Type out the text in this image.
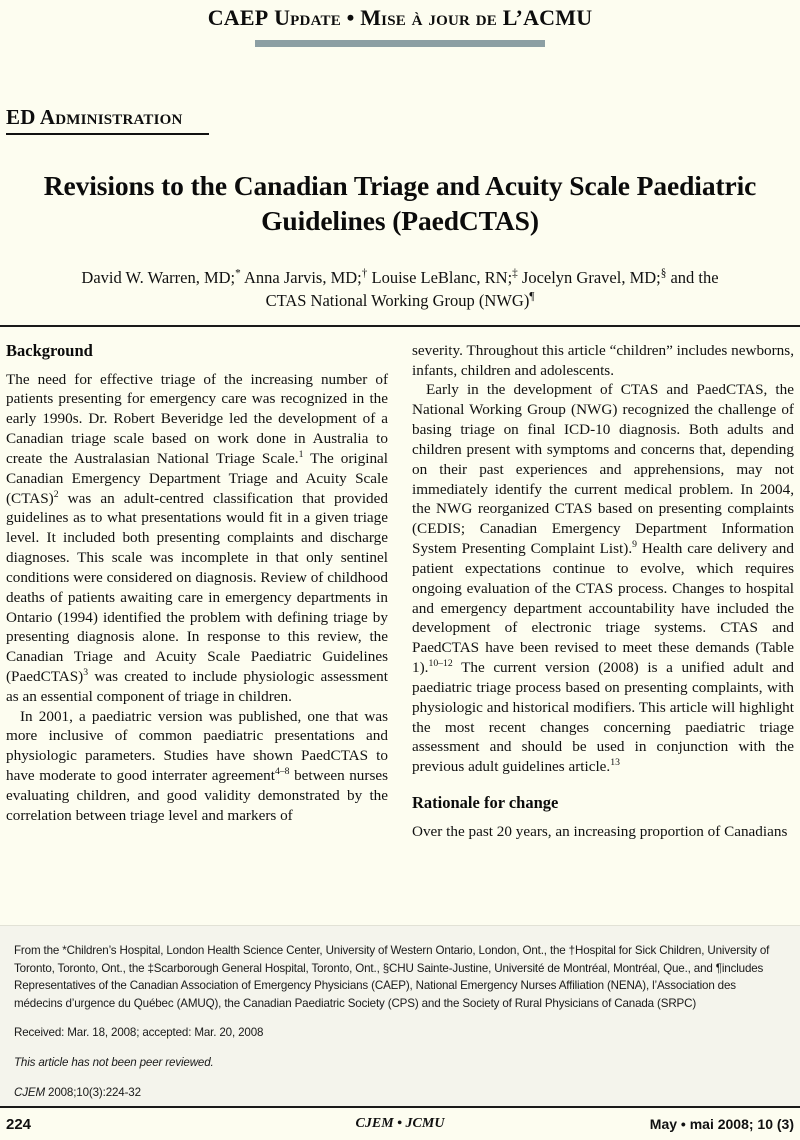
CAEP Update • Mise à jour de L’ACMU
ED Administration
Revisions to the Canadian Triage and Acuity Scale Paediatric Guidelines (PaedCTAS)
David W. Warren, MD;* Anna Jarvis, MD;† Louise LeBlanc, RN;‡ Jocelyn Gravel, MD;§ and the
CTAS National Working Group (NWG)¶
Background

The need for effective triage of the increasing number of patients presenting for emergency care was recognized in the early 1990s. Dr. Robert Beveridge led the development of a Canadian triage scale based on work done in Australia to create the Australasian National Triage Scale.$^1$ The original Canadian Emergency Department Triage and Acuity Scale (CTAS)$^2$ was an adult-centred classification that provided guidelines as to what presentations would fit in a given triage level. It included both presenting complaints and discharge diagnoses. This scale was incomplete in that only sentinel conditions were considered on diagnosis. Review of childhood deaths of patients awaiting care in emergency departments in Ontario (1994) identified the problem with defining triage by presenting diagnosis alone. In response to this review, the Canadian Triage and Acuity Scale Paediatric Guidelines (PaedCTAS)$^3$ was created to include physiologic assessment as an essential component of triage in children.

In 2001, a paediatric version was published, one that was more inclusive of common paediatric presentations and physiologic parameters. Studies have shown PaedCTAS to have moderate to good interrater agreement$^{4-8}$ between nurses evaluating children, and good validity demonstrated by the correlation between triage level and markers of

severity. Throughout this article “children” includes newborns, infants, children and adolescents.

Early in the development of CTAS and PaedCTAS, the National Working Group (NWG) recognized the challenge of basing triage on final ICD-10 diagnosis. Both adults and children present with symptoms and concerns that, depending on their past experiences and apprehensions, may not immediately identify the current medical problem. In 2004, the NWG reorganized CTAS based on presenting complaints (CEDIS; Canadian Emergency Department Information System Presenting Complaint List).$^9$ Health care delivery and patient expectations continue to evolve, which requires ongoing evaluation of the CTAS process. Changes to hospital and emergency department accountability have included the development of electronic triage systems. CTAS and PaedCTAS have been revised to meet these demands (Table 1).$^{10-12}$ The current version (2008) is a unified adult and paediatric triage process based on presenting complaints, with physiologic and historical modifiers. This article will highlight the most recent changes concerning paediatric triage assessment and should be used in conjunction with the previous adult guidelines article.$^{13}$

Rationale for change

Over the past 20 years, an increasing proportion of Canadians

From the *Children’s Hospital, London Health Science Center, University of Western Ontario, London, Ont., the †Hospital for Sick Children, University of Toronto, Toronto, Ont., the ‡Scarborough General Hospital, Toronto, Ont., §CHU Sainte-Justine, Université de Montréal, Montréal, Que., and ¶includes Representatives of the Canadian Association of Emergency Physicians (CAEP), National Emergency Nurses Affiliation (NENA), l’Association des médecins d’urgence du Québec (AMUQ), the Canadian Paediatric Society (CPS) and the Society of Rural Physicians of Canada (SRPC)

Received: Mar. 18, 2008; accepted: Mar. 20, 2008

This article has not been peer reviewed.

CJEM 2008;10(3):224-32

224	CJEM • JCMU	May • mai 2008; 10 (3)
